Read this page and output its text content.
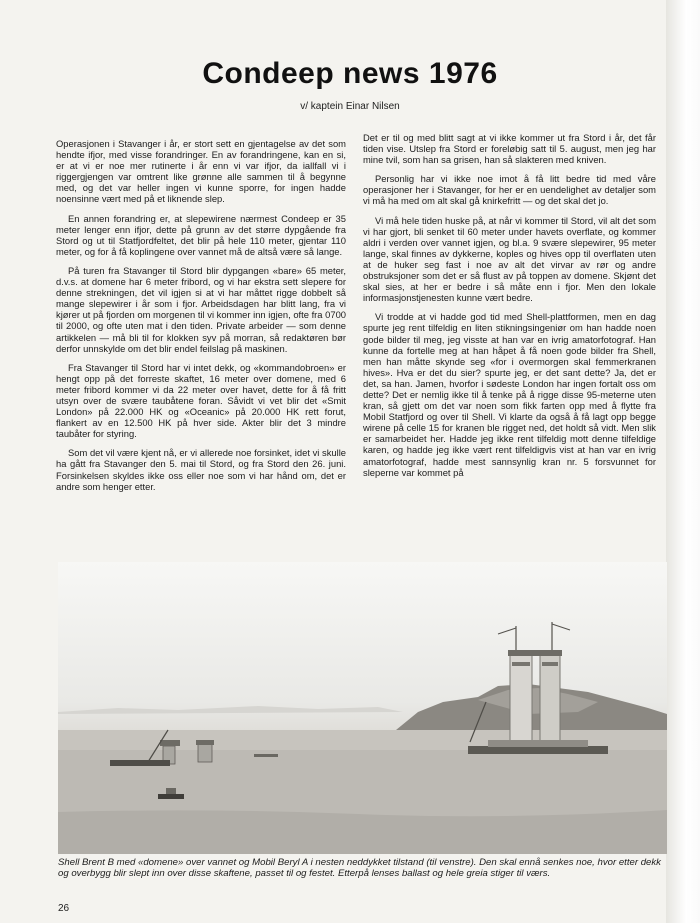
Condeep news 1976
v/ kaptein Einar Nilsen

Operasjonen i Stavanger i år, er stort sett en gjentagelse av det som hendte ifjor, med visse forandringer. En av forandringene, kan en si, er at vi er noe mer rutinerte i år enn vi var ifjor, da iallfall vi i riggergjengen var omtrent like grønne alle sammen til å begynne med, og det var heller ingen vi kunne sporre, for ingen hadde noensinne vært med på et liknende slep.

En annen forandring er, at slepewirene nærmest Condeep er 35 meter lenger enn ifjor, dette på grunn av det større dypgående fra Stord og ut til Statfjordfeltet, det blir på hele 110 meter, gjentar 110 meter, og for å få koplingene over vannet må de altså være så lange.

På turen fra Stavanger til Stord blir dypgangen «bare» 65 meter, d.v.s. at domene har 6 meter fribord, og vi har ekstra sett slepere for denne strekningen, det vil igjen si at vi har måttet rigge dobbelt så mange slepewirer i år som i fjor. Arbeidsdagen har blitt lang, fra vi kjører ut på fjorden om morgenen til vi kommer inn igjen, ofte fra 0700 til 2000, og ofte uten mat i den tiden. Private arbeider — som denne artikkelen — må bli til for klokken syv på morran, så redaktøren bør derfor unnskylde om det blir endel feilslag på maskinen.

Fra Stavanger til Stord har vi intet dekk, og «kommandobroen» er hengt opp på det forreste skaftet, 16 meter over domene, med 6 meter fribord kommer vi da 22 meter over havet, dette for å få fritt utsyn over de svære taubåtene foran. Såvidt vi vet blir det «Smit London» på 22.000 HK og «Oceanic» på 20.000 HK rett forut, flankert av en 12.500 HK på hver side. Akter blir det 3 mindre taubåter for styring.

Som det vil være kjent nå, er vi allerede noe forsinket, idet vi skulle ha gått fra Stavanger den 5. mai til Stord, og fra Stord den 26. juni. Forsinkelsen skyldes ikke oss eller noe som vi har hånd om, det er andre som henger etter.

Det er til og med blitt sagt at vi ikke kommer ut fra Stord i år, det får tiden vise. Utslep fra Stord er foreløbig satt til 5. august, men jeg har mine tvil, som han sa grisen, han så slakteren med kniven.

Personlig har vi ikke noe imot å få litt bedre tid med våre operasjoner her i Stavanger, for her er en uendelighet av detaljer som vi må ha med om alt skal gå knirkefritt — og det skal det jo.

Vi må hele tiden huske på, at når vi kommer til Stord, vil alt det som vi har gjort, bli senket til 60 meter under havets overflate, og kommer aldri i verden over vannet igjen, og bl.a. 9 svære slepewirer, 95 meter lange, skal finnes av dykkerne, koples og hives opp til overflaten uten at de huker seg fast i noe av alt det virvar av rør og andre obstruksjoner som det er så flust av på toppen av domene. Skjønt det skal sies, at her er bedre i så måte enn i fjor. Men den lokale informasjonstjenesten kunne vært bedre.

Vi trodde at vi hadde god tid med Shell-plattformen, men en dag spurte jeg rent tilfeldig en liten stikningsingeniør om han hadde noen gode bilder til meg, jeg visste at han var en ivrig amatorfotograf. Han kunne da fortelle meg at han håpet å få noen gode bilder fra Shell, men han måtte skynde seg «for i overmorgen skal femmerkranen hives». Hva er det du sier? spurte jeg, er det sant dette? Ja, det er det, sa han. Jamen, hvorfor i sødeste London har ingen fortalt oss om dette? Det er nemlig ikke til å tenke på å rigge disse 95-meterne uten kran, så gjett om det var noen som fikk farten opp med å flytte fra Mobil Statfjord og over til Shell. Vi klarte da også å få lagt opp begge wirene på celle 15 for kranen ble rigget ned, det holdt så vidt. Men slik er samarbeidet her. Hadde jeg ikke rent tilfeldig mott denne tilfeldige karen, og hadde jeg ikke vært rent tilfeldigvis vist at han var en ivrig amatorfotograf, hadde mest sannsynlig kran nr. 5 forsvunnet for sleperne var kommet på

Shell Brent B med «domene» over vannet og Mobil Beryl A i nesten neddykket tilstand (til venstre). Den skal ennå senkes noe, hvor etter dekk og overbygg blir slept inn over disse skaftene, passet til og festet. Etterpå lenses ballast og hele greia stiger til værs.
26
